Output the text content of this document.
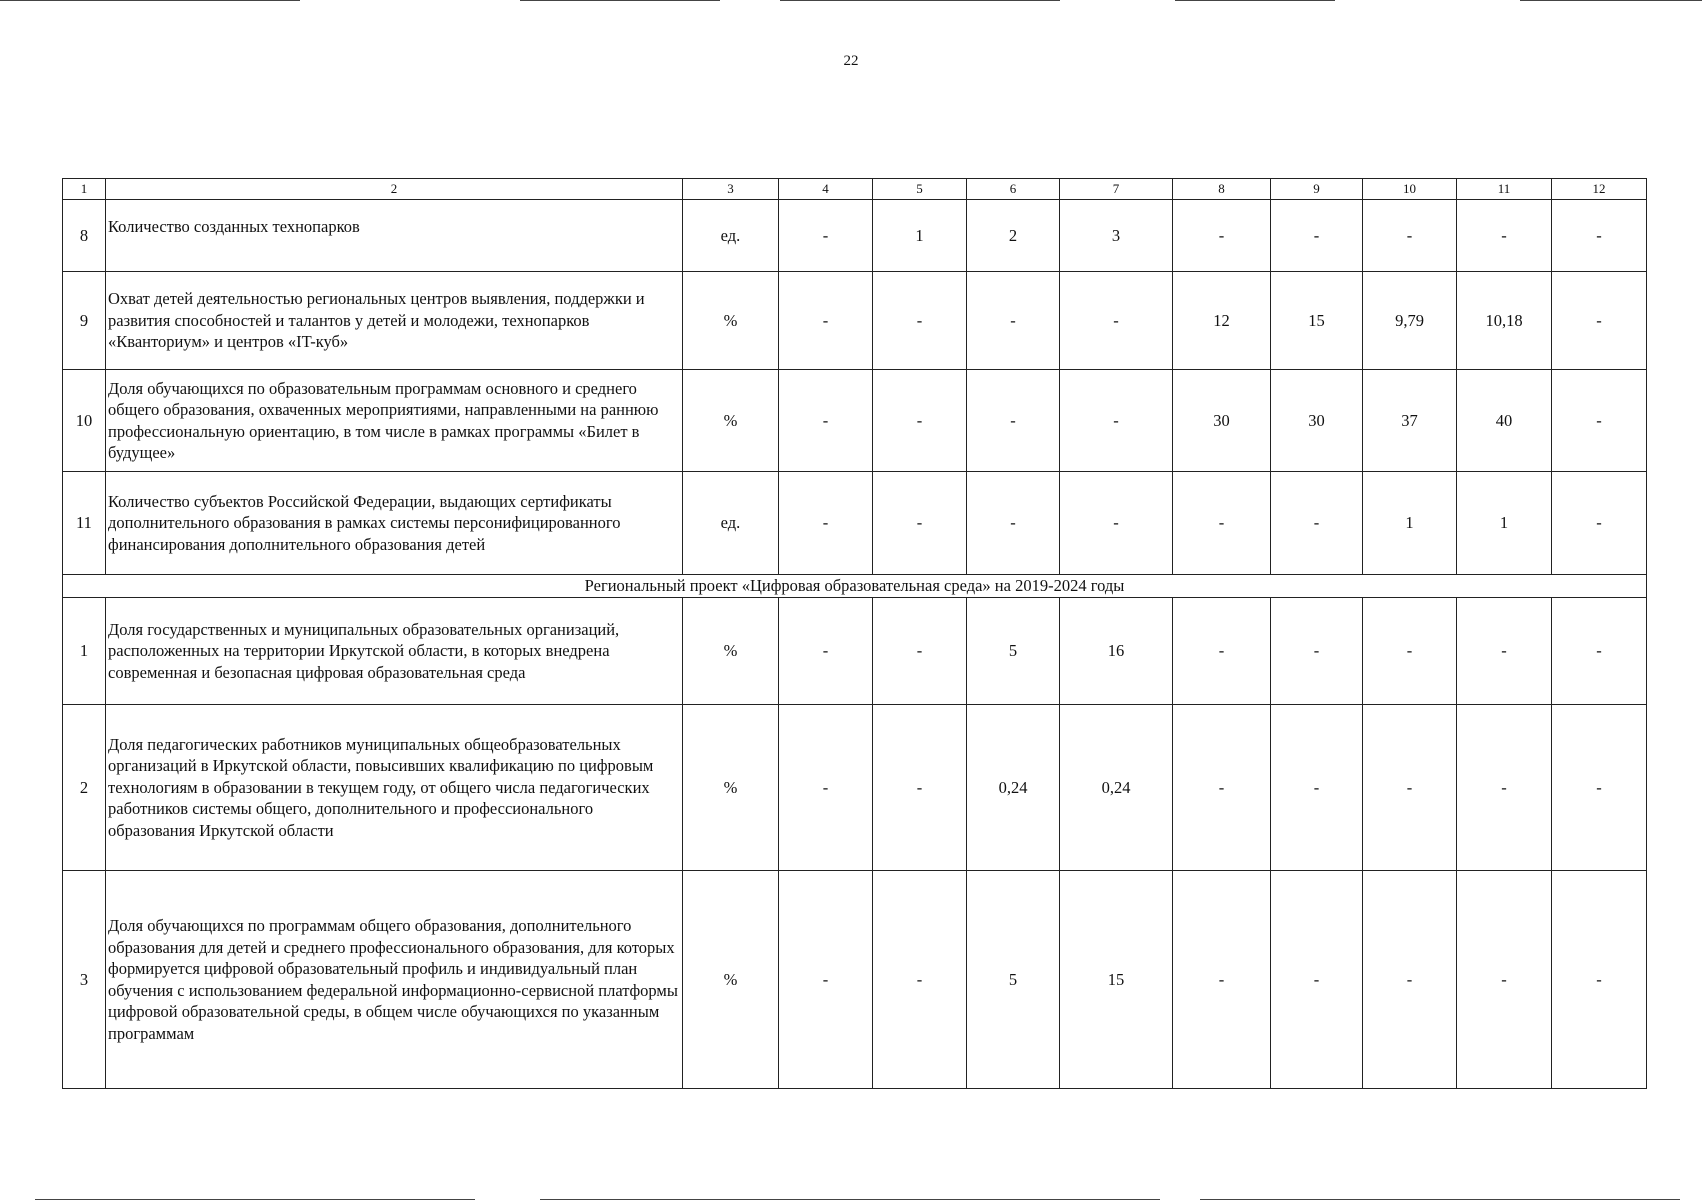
22
1	2	3	4	5	6	7	8	9	10	11	12
8	Количество созданных технопарков	ед.	-	1	2	3	-	-	-	-	-
9	Охват детей деятельностью региональных центров выявления, поддержки и развития способностей и талантов у детей и молодежи, технопарков «Кванториум» и центров «IT-куб»	%	-	-	-	-	12	15	9,79	10,18	-
10	Доля обучающихся по образовательным программам основного и среднего общего образования, охваченных мероприятиями, направленными на раннюю профессиональную ориентацию, в том числе в рамках программы «Билет в будущее»	%	-	-	-	-	30	30	37	40	-
11	Количество субъектов Российской Федерации, выдающих сертификаты дополнительного образования в рамках системы персонифицированного финансирования дополнительного образования детей	ед.	-	-	-	-	-	-	1	1	-
Региональный проект «Цифровая образовательная среда» на 2019-2024 годы											
1	Доля государственных и муниципальных образовательных организаций, расположенных на территории Иркутской области, в которых внедрена современная и безопасная цифровая образовательная среда	%	-	-	5	16	-	-	-	-	-
2	Доля педагогических работников муниципальных общеобразовательных организаций в Иркутской области, повысивших квалификацию по цифровым технологиям в образовании в текущем году, от общего числа педагогических работников системы общего, дополнительного и профессионального образования Иркутской области	%	-	-	0,24	0,24	-	-	-	-	-
3	Доля обучающихся по программам общего образования, дополнительного образования для детей и среднего профессионального образования, для которых формируется цифровой образовательный профиль и индивидуальный план обучения с использованием федеральной информационно-сервисной платформы цифровой образовательной среды, в общем числе обучающихся по указанным программам	%	-	-	5	15	-	-	-	-	-
